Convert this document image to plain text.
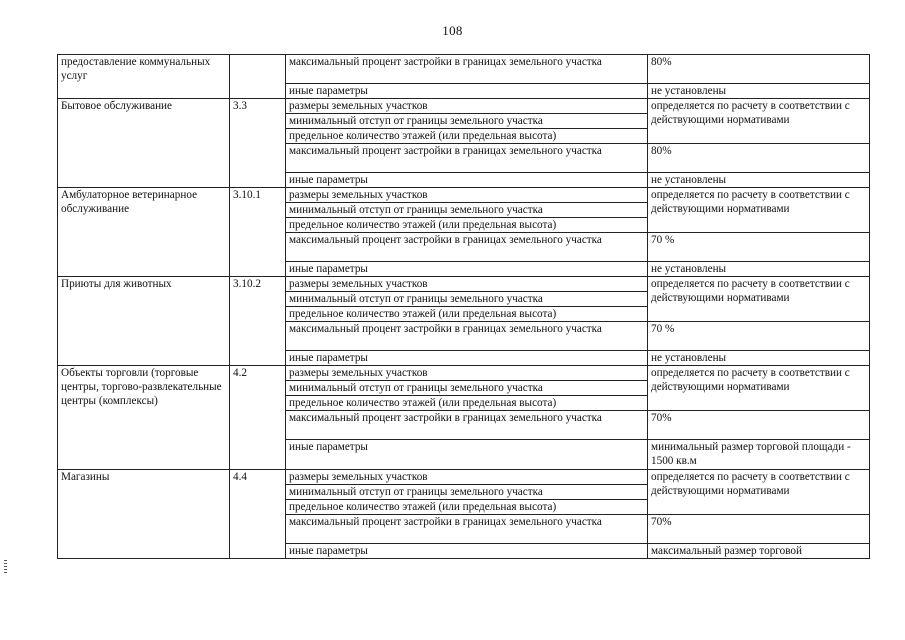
108
предоставление коммунальных услуг		максимальный процент застройки в границах земельного участка	80%
		иные параметры	не установлены
Бытовое обслуживание	3.3	размеры земельных участков	определяется по расчету в соответствии с действующими нормативами
		минимальный отступ от границы земельного участка	
		предельное количество этажей (или предельная высота)	
		максимальный процент застройки в границах земельного участка	80%
		иные параметры	не установлены
Амбулаторное ветеринарное обслуживание	3.10.1	размеры земельных участков	определяется по расчету в соответствии с действующими нормативами
		минимальный отступ от границы земельного участка	
		предельное количество этажей (или предельная высота)	
		максимальный процент застройки в границах земельного участка	70 %
		иные параметры	не установлены
Приюты для животных	3.10.2	размеры земельных участков	определяется по расчету в соответствии с действующими нормативами
		минимальный отступ от границы земельного участка	
		предельное количество этажей (или предельная высота)	
		максимальный процент застройки в границах земельного участка	70 %
		иные параметры	не установлены
Объекты торговли (торговые центры, торгово-развлекательные центры (комплексы)	4.2	размеры земельных участков	определяется по расчету в соответствии с действующими нормативами
		минимальный отступ от границы земельного участка	
		предельное количество этажей (или предельная высота)	
		максимальный процент застройки в границах земельного участка	70%
		иные параметры	минимальный размер торговой площади - 1500 кв.м
Магазины	4.4	размеры земельных участков	определяется по расчету в соответствии с действующими нормативами
		минимальный отступ от границы земельного участка	
		предельное количество этажей (или предельная высота)	
		максимальный процент застройки в границах земельного участка	70%
		иные параметры	максимальный размер торговой
